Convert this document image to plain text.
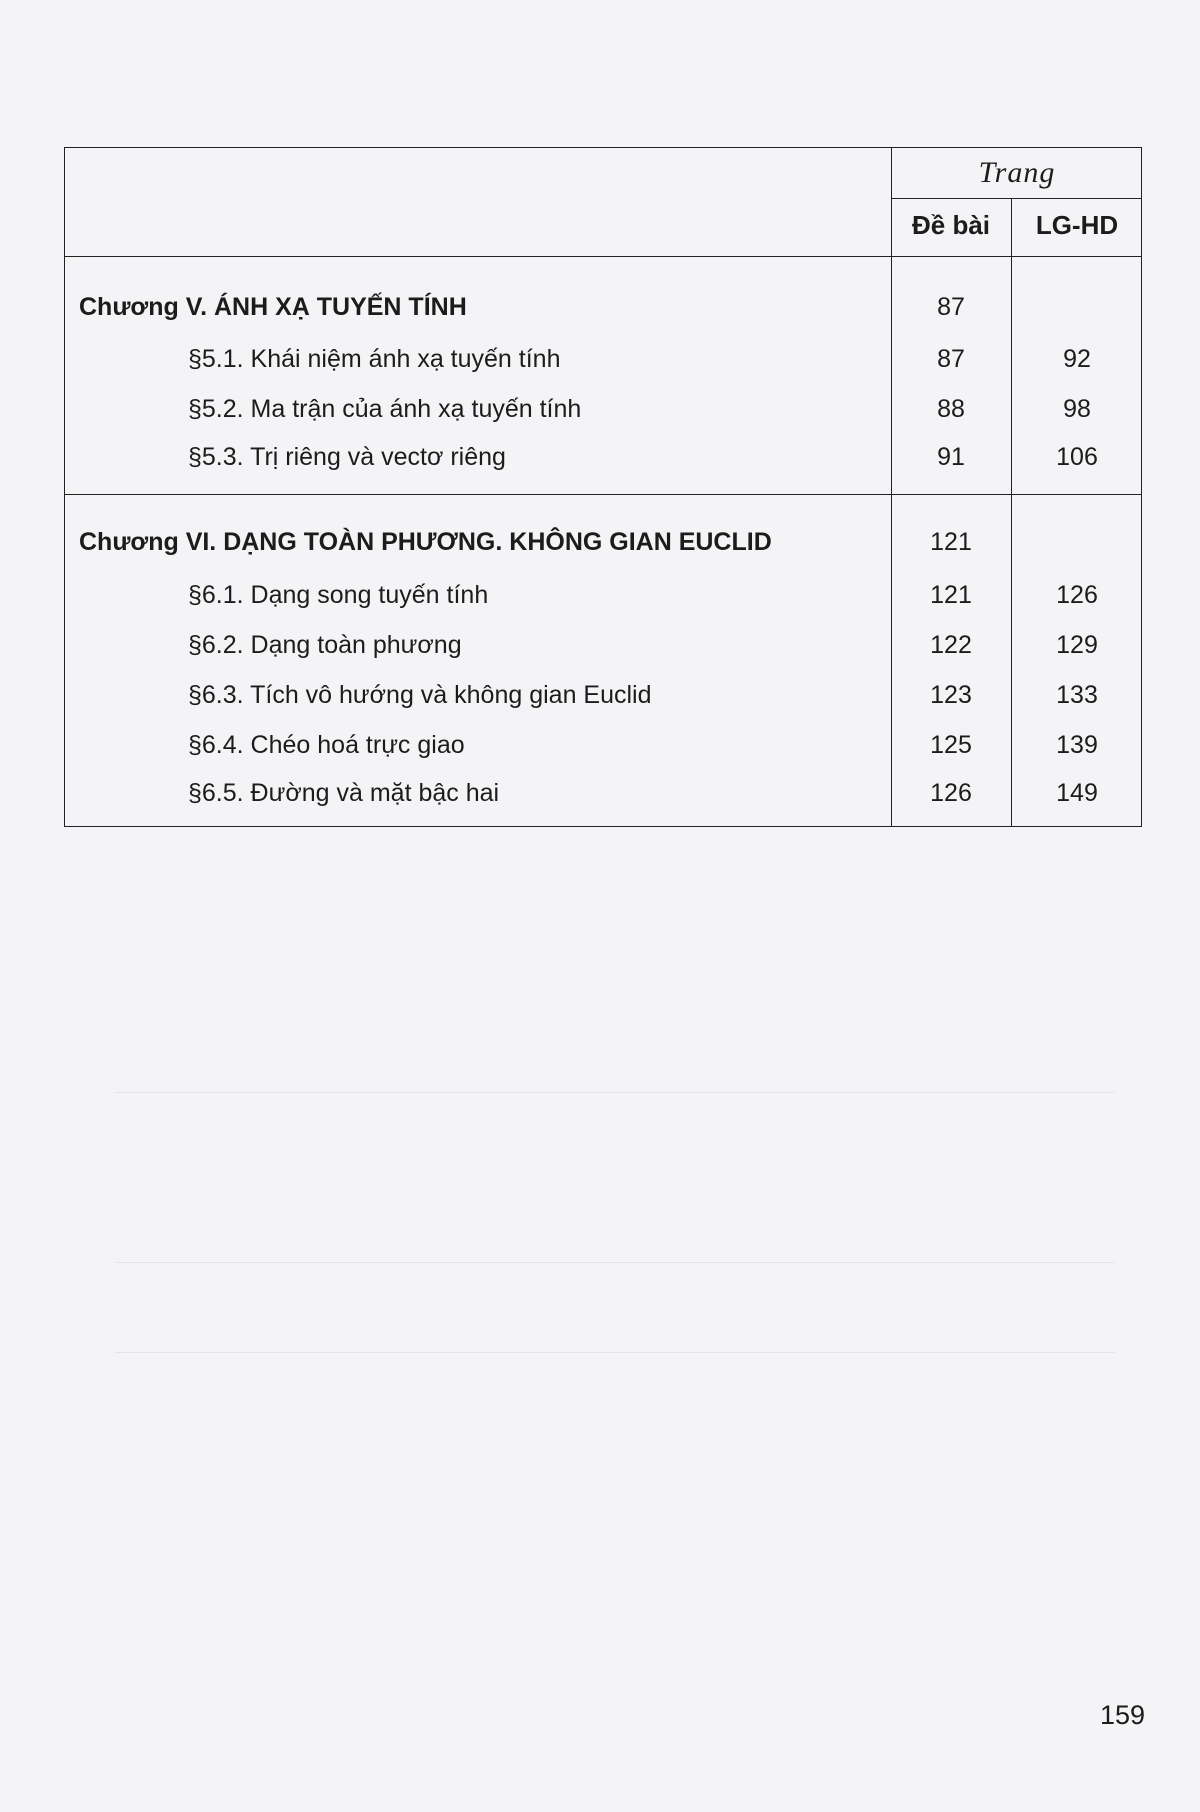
Trang
Đề bài	LG-HD
Chương V. ÁNH XẠ TUYẾN TÍNH	87
§5.1. Khái niệm ánh xạ tuyến tính	87	92
§5.2. Ma trận của ánh xạ tuyến tính	88	98
§5.3. Trị riêng và vectơ riêng	91	106
Chương VI. DẠNG TOÀN PHƯƠNG. KHÔNG GIAN EUCLID	121
§6.1. Dạng song tuyến tính	121	126
§6.2. Dạng toàn phương	122	129
§6.3. Tích vô hướng và không gian Euclid	123	133
§6.4. Chéo hoá trực giao	125	139
§6.5. Đường và mặt bậc hai	126	149
159
